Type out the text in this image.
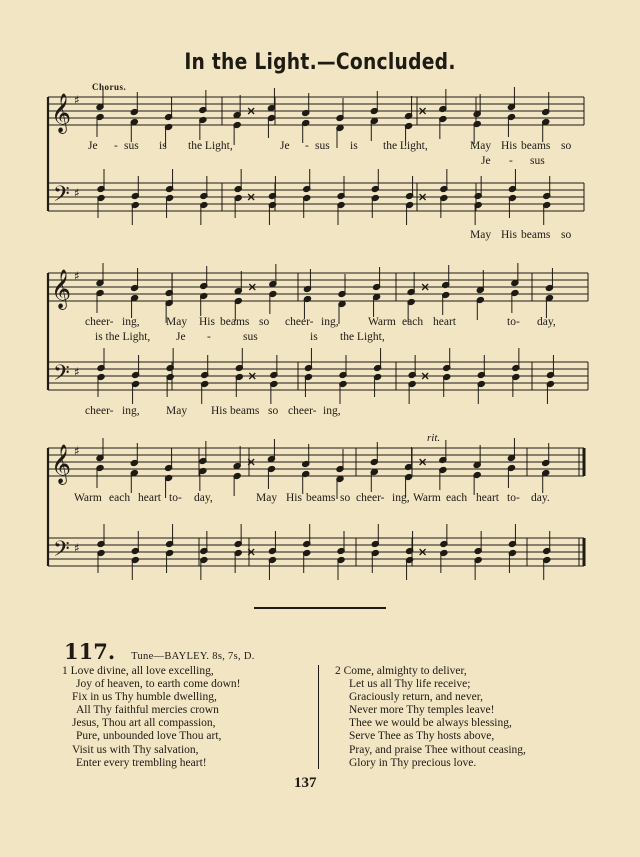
In the Light.—Concluded.
𝄞
𝄢
♯
♯
𝄞
𝄢
♯
♯
𝄞
𝄢
♯
♯
Chorus.
rit.
Je - sus is the Light,	Je - sus is the Light,	May His beams so
Je - sus
May His beams so
cheer- ing, May His beams so cheer- ing,	Warm each heart	to- day,
is the Light, Je -	sus	is the Light,
cheer- ing, May His beams so cheer- ing,
Warm each heart to- day,	May His beams so cheer- ing, Warm each heart to- day.
117. Tune—BAYLEY. 8s, 7s, D.
1 Love divine, all love excelling,
Joy of heaven, to earth come down!
Fix in us Thy humble dwelling,
All Thy faithful mercies crown
Jesus, Thou art all compassion,
Pure, unbounded love Thou art,
Visit us with Thy salvation,
Enter every trembling heart!
2 Come, almighty to deliver,
Let us all Thy life receive;
Graciously return, and never,
Never more Thy temples leave!
Thee we would be always blessing,
Serve Thee as Thy hosts above,
Pray, and praise Thee without ceasing,
Glory in Thy precious love.
137
